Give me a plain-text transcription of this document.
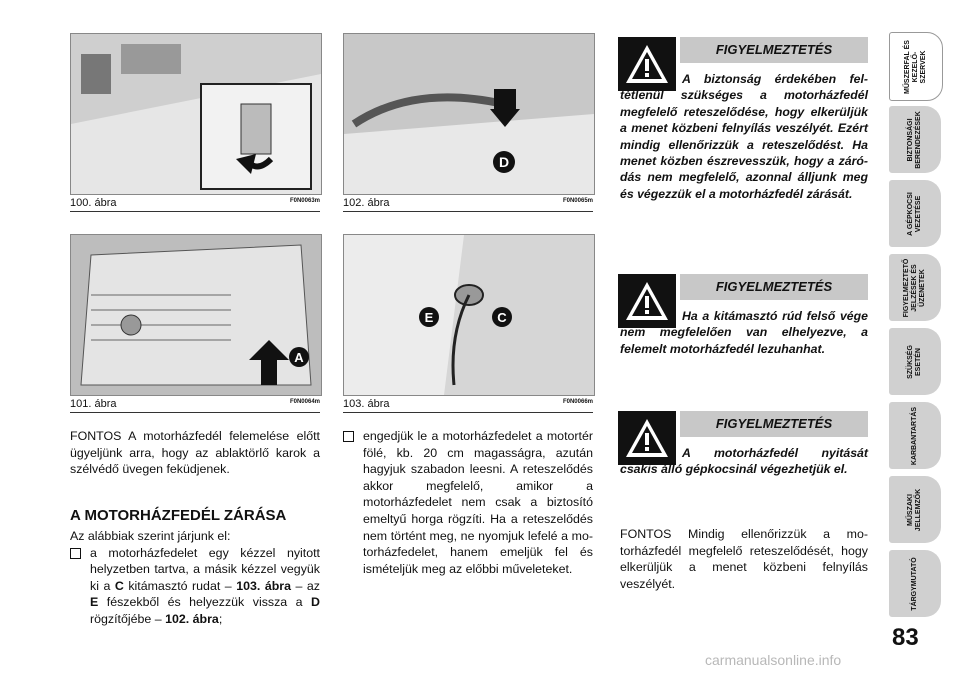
100. ábra	F0N0063m
D
102. ábra	F0N0065m
A
101. ábra	F0N0064m
E	C
103. ábra	F0N0066m

FONTOS A motorházfedél felemelése előtt ügyeljünk arra, hogy az ablaktörlő karok a szélvédő üvegen feküdjenek.

A MOTORHÁZFEDÉL ZÁRÁSA

Az alábbiak szerint járjunk el:

a motorházfedelet egy kézzel nyitott helyzetben tartva, a másik kézzel vegyük ki a C kitámasztó rudat – 103. ábra – az E fészekből és helyezzük vissza a D rögzítőjébe – 102. ábra;
engedjük le a motorházfedelet a motortér fölé, kb. 20 cm magasságra, azután hagyjuk szabadon leesni. A reteszelődés akkor megfelelő, amikor a motorházfedelet nem csak a biztosító emeltyű horga rögzíti. Ha a reteszelődés nem történt meg, ne nyomjuk lefelé a motorházfedelet, hanem emeljük fel és ismételjük meg az előbbi műveleteket.
FIGYELMEZTETÉS
A biztonság érdekében feltétlenül szükséges a motorházfedél megfelelő reteszelődése, hogy elkerüljük a menet közbeni felnyílás veszélyét. Ezért mindig ellenőrizzük a reteszelődést. Ha menet közben észrevesszük, hogy a záródás nem megfelelő, azonnal álljunk meg és végezzük el a motorházfedél zárását.
FIGYELMEZTETÉS
Ha a kitámasztó rúd felső vége nem megfelelően van elhelyezve, a felemelt motorházfedél lezuhanhat.
FIGYELMEZTETÉS
A motorházfedél nyitását csakis álló gépkocsinál végezhetjük el.
FONTOS Mindig ellenőrizzük a motorházfedél megfelelő reteszelődését, hogy elkerüljük a menet közbeni felnyílás veszélyét.
MŰSZERFAL ÉS KEZELŐ-SZERVEK
BIZTONSÁGI BERENDEZÉSEK
A GÉPKOCSI VEZETÉSE
FIGYELMEZTETŐ JELZÉSEK ÉS ÜZENETEK
SZÜKSÉG ESETÉN
KARBANTARTÁS
MŰSZAKI JELLEMZŐK
TÁRGYMUTATÓ
83
carmanualsonline.info
